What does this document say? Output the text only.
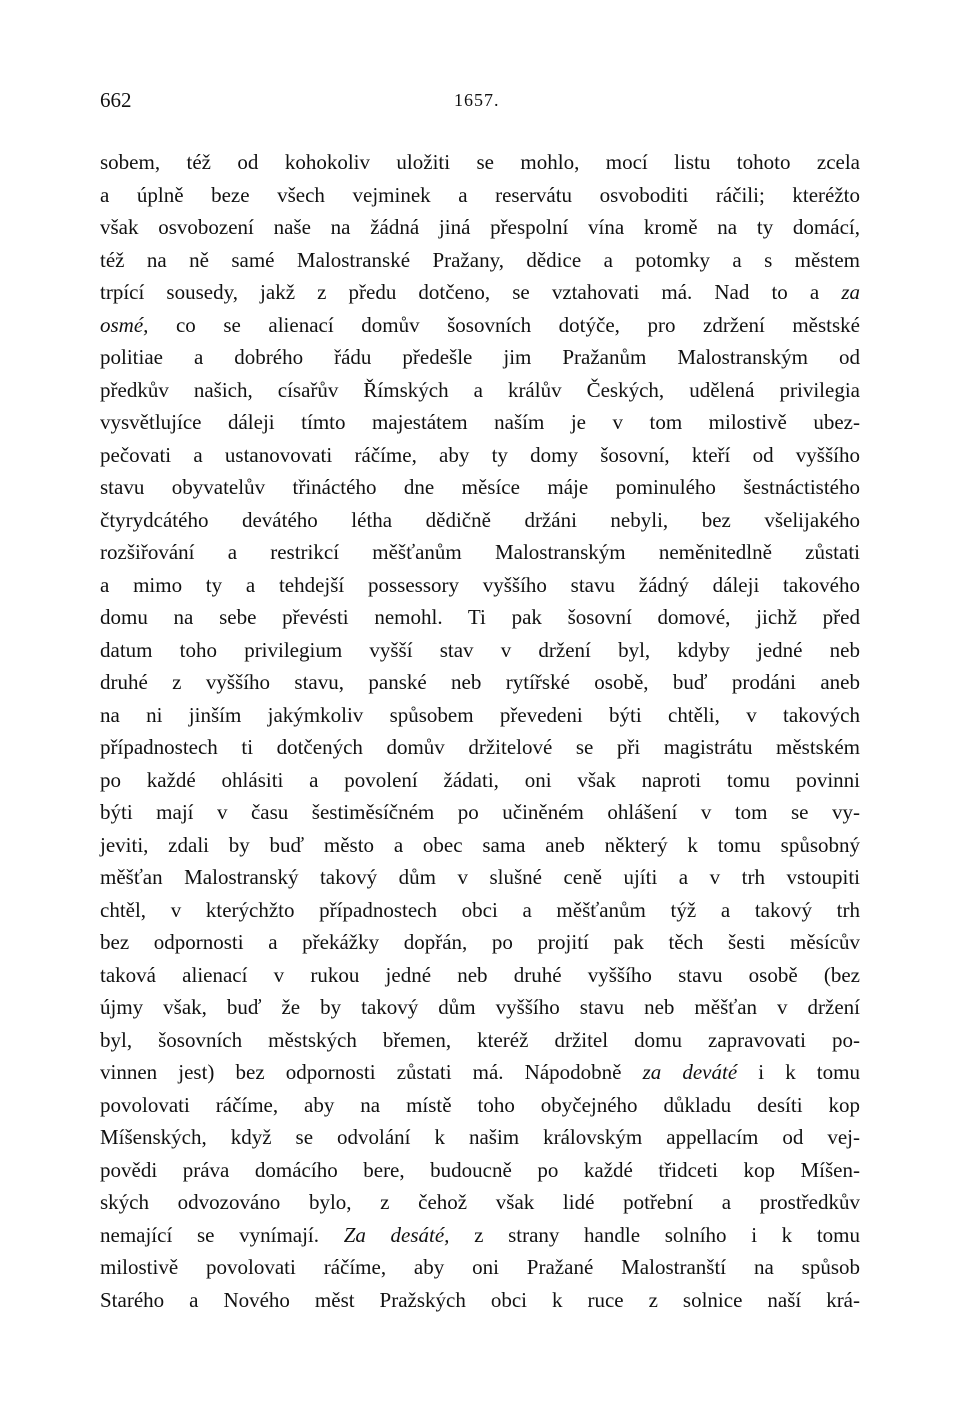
662	1657.
sobem, též od kohokoliv uložiti se mohlo, mocí listu tohoto zcela
a úplně beze všech vejminek a reservátu osvoboditi ráčili; kteréžto
však osvobození naše na žádná jiná přespolní vína kromě na ty domácí,
též na ně samé Malostranské Pražany, dědice a potomky a s městem
trpící sousedy, jakž z předu dotčeno, se vztahovati má. Nad to a za
osmé, co se alienací domův šosovních dotýče, pro zdržení městské
politiae a dobrého řádu předešle jim Pražanům Malostranským od
předkův našich, císařův Římských a králův Českých, udělená privilegia
vysvětlujíce dáleji tímto majestátem naším je v tom milostivě ubez-
pečovati a ustanovovati ráčíme, aby ty domy šosovní, kteří od vyššího
stavu obyvatelův třináctého dne měsíce máje pominulého šestnáctistého
čtyrydcátého devátého létha dědičně držáni nebyli, bez všelijakého
rozšiřování a restrikcí měšťanům Malostranským neměnitedlně zůstati
a mimo ty a tehdejší possessory vyššího stavu žádný dáleji takového
domu na sebe převésti nemohl. Ti pak šosovní domové, jichž před
datum toho privilegium vyšší stav v držení byl, kdyby jedné neb
druhé z vyššího stavu, panské neb rytířské osobě, buď prodáni aneb
na ni jinším jakýmkoliv spůsobem převedeni býti chtěli, v takových
případnostech ti dotčených domův držitelové se při magistrátu městském
po každé ohlásiti a povolení žádati, oni však naproti tomu povinni
býti mají v času šestiměsíčném po učiněném ohlášení v tom se vy-
jeviti, zdali by buď město a obec sama aneb některý k tomu spůsobný
měšťan Malostranský takový dům v slušné ceně ujíti a v trh vstoupiti
chtěl, v kterýchžto případnostech obci a měšťanům týž a takový trh
bez odpornosti a překážky dopřán, po projití pak těch šesti měsícův
taková alienací v rukou jedné neb druhé vyššího stavu osobě (bez
újmy však, buď že by takový dům vyššího stavu neb měšťan v držení
byl, šosovních městských břemen, kteréž držitel domu zapravovati po-
vinnen jest) bez odpornosti zůstati má. Nápodobně za deváté i k tomu
povolovati ráčíme, aby na místě toho obyčejného důkladu desíti kop
Míšenských, když se odvolání k našim královským appellacím od vej-
povědi práva domácího bere, budoucně po každé třidceti kop Míšen-
ských odvozováno bylo, z čehož však lidé potřební a prostředkův
nemající se vynímají. Za desáté, z strany handle solního i k tomu
milostivě povolovati ráčíme, aby oni Pražané Malostranští na spůsob
Starého a Nového měst Pražských obci k ruce z solnice naší krá-
